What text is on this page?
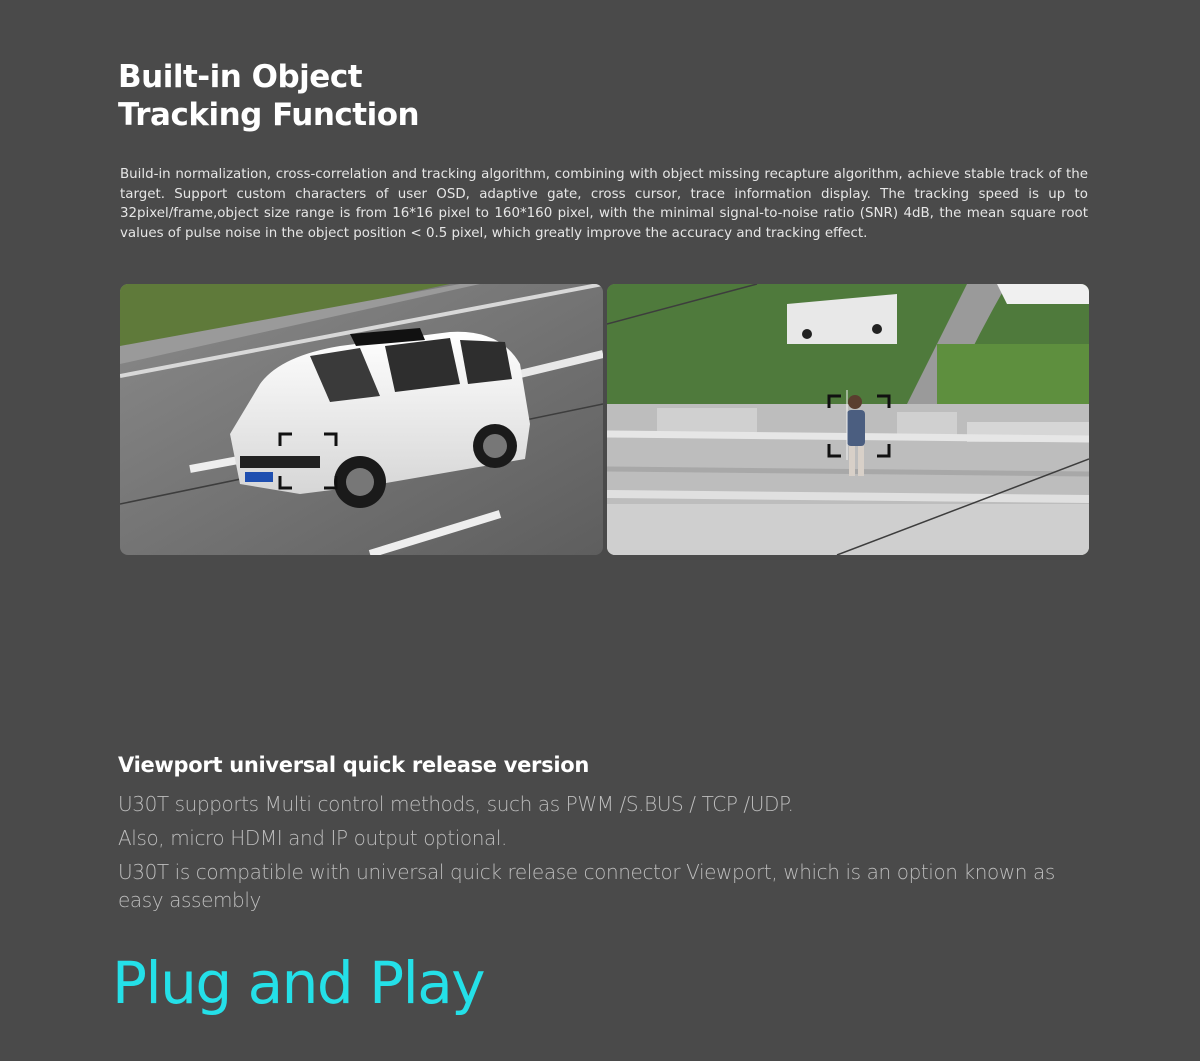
Built-in Object
Tracking Function

Build-in normalization, cross-correlation and tracking algorithm, combining with object missing recapture algorithm, achieve stable track of the target. Support custom characters of user OSD, adaptive gate, cross cursor, trace information display. The tracking speed is up to 32pixel/frame,object size range is from 16*16 pixel to 160*160 pixel, with the minimal signal-to-noise ratio (SNR) 4dB, the mean square root values of pulse noise in the object position < 0.5 pixel, which greatly improve the accuracy and tracking effect.

Viewport universal quick release version

U30T supports Multi control methods, such as PWM /S.BUS / TCP /UDP.

Also, micro HDMI and IP output optional.

U30T is compatible with universal quick release connector Viewport, which is an option known as easy assembly

Plug and Play
